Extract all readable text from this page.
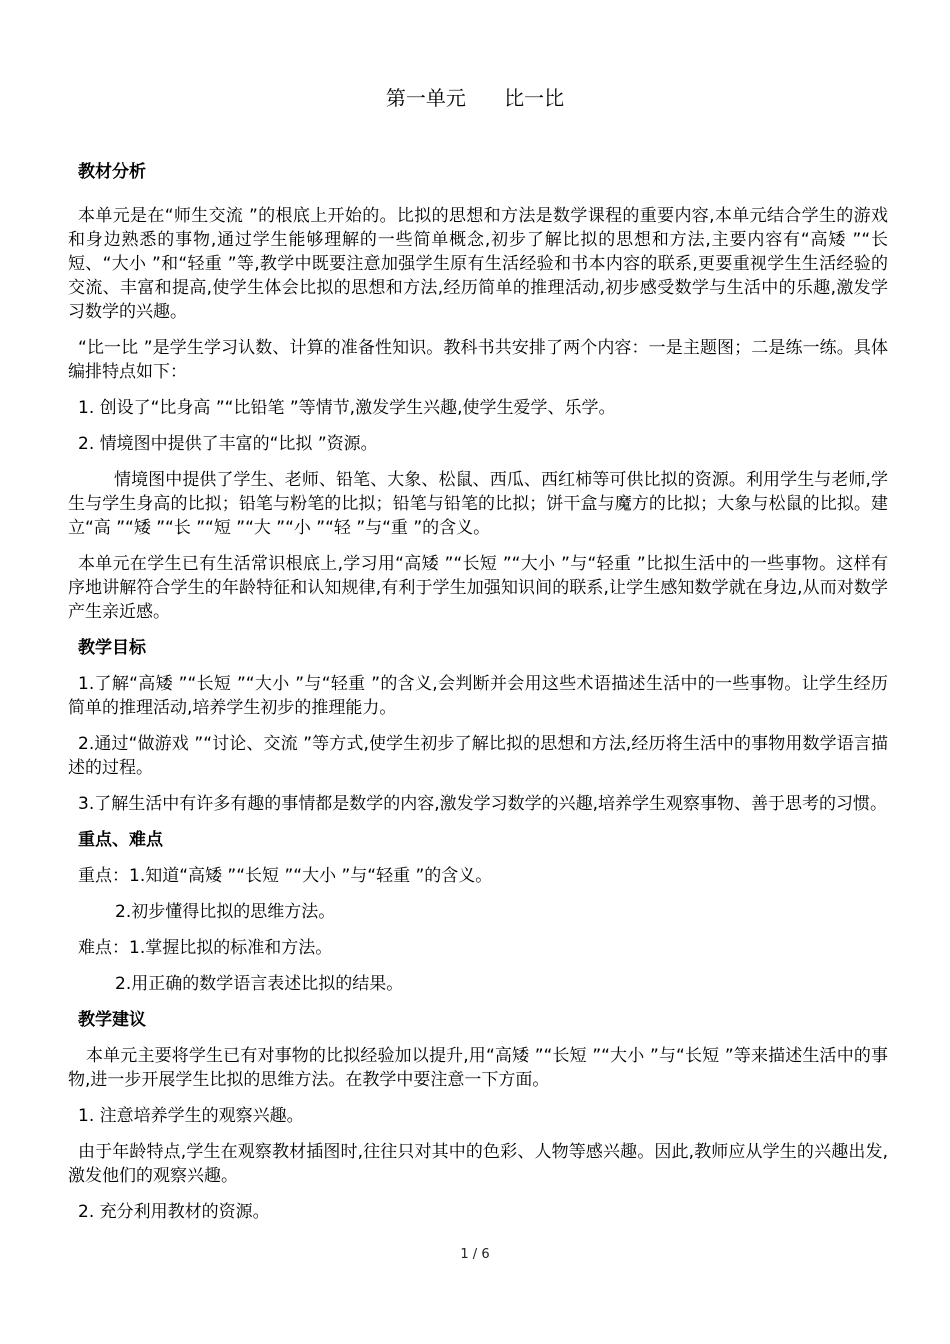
第一单元      比一比
教材分析

本单元是在“师生交流 ”的根底上开始的。比拟的思想和方法是数学课程的重要内容,本单元结合学生的游戏和身边熟悉的事物,通过学生能够理解的一些简单概念,初步了解比拟的思想和方法,主要内容有“高矮 ”“长短、“大小 ”和“轻重 ”等,教学中既要注意加强学生原有生活经验和书本内容的联系,更要重视学生生活经验的交流、丰富和提高,使学生体会比拟的思想和方法,经历简单的推理活动,初步感受数学与生活中的乐趣,激发学习数学的兴趣。

“比一比 ”是学生学习认数、计算的准备性知识。教科书共安排了两个内容：一是主题图；二是练一练。具体编排特点如下：

1. 创设了“比身高 ”“比铅笔 ”等情节,激发学生兴趣,使学生爱学、乐学。

2. 情境图中提供了丰富的“比拟 ”资源。

情境图中提供了学生、老师、铅笔、大象、松鼠、西瓜、西红柿等可供比拟的资源。利用学生与老师,学生与学生身高的比拟；铅笔与粉笔的比拟；铅笔与铅笔的比拟；饼干盒与魔方的比拟；大象与松鼠的比拟。建立“高 ”“矮 ”“长 ”“短 ”“大 ”“小 ”“轻 ”与“重 ”的含义。

本单元在学生已有生活常识根底上,学习用“高矮 ”“长短 ”“大小 ”与“轻重 ”比拟生活中的一些事物。这样有序地讲解符合学生的年龄特征和认知规律,有利于学生加强知识间的联系,让学生感知数学就在身边,从而对数学产生亲近感。

教学目标

1.了解“高矮 ”“长短 ”“大小 ”与“轻重 ”的含义,会判断并会用这些术语描述生活中的一些事物。让学生经历简单的推理活动,培养学生初步的推理能力。

2.通过“做游戏 ”“讨论、交流 ”等方式,使学生初步了解比拟的思想和方法,经历将生活中的事物用数学语言描述的过程。

3.了解生活中有许多有趣的事情都是数学的内容,激发学习数学的兴趣,培养学生观察事物、善于思考的习惯。

重点、难点

重点：1.知道“高矮 ”“长短 ”“大小 ”与“轻重 ”的含义。

2.初步懂得比拟的思维方法。

难点：1.掌握比拟的标准和方法。

2.用正确的数学语言表述比拟的结果。

教学建议

本单元主要将学生已有对事物的比拟经验加以提升,用“高矮 ”“长短 ”“大小 ”与“长短 ”等来描述生活中的事物,进一步开展学生比拟的思维方法。在教学中要注意一下方面。

1. 注意培养学生的观察兴趣。

由于年龄特点,学生在观察教材插图时,往往只对其中的色彩、人物等感兴趣。因此,教师应从学生的兴趣出发,激发他们的观察兴趣。

2. 充分利用教材的资源。

1 / 6
